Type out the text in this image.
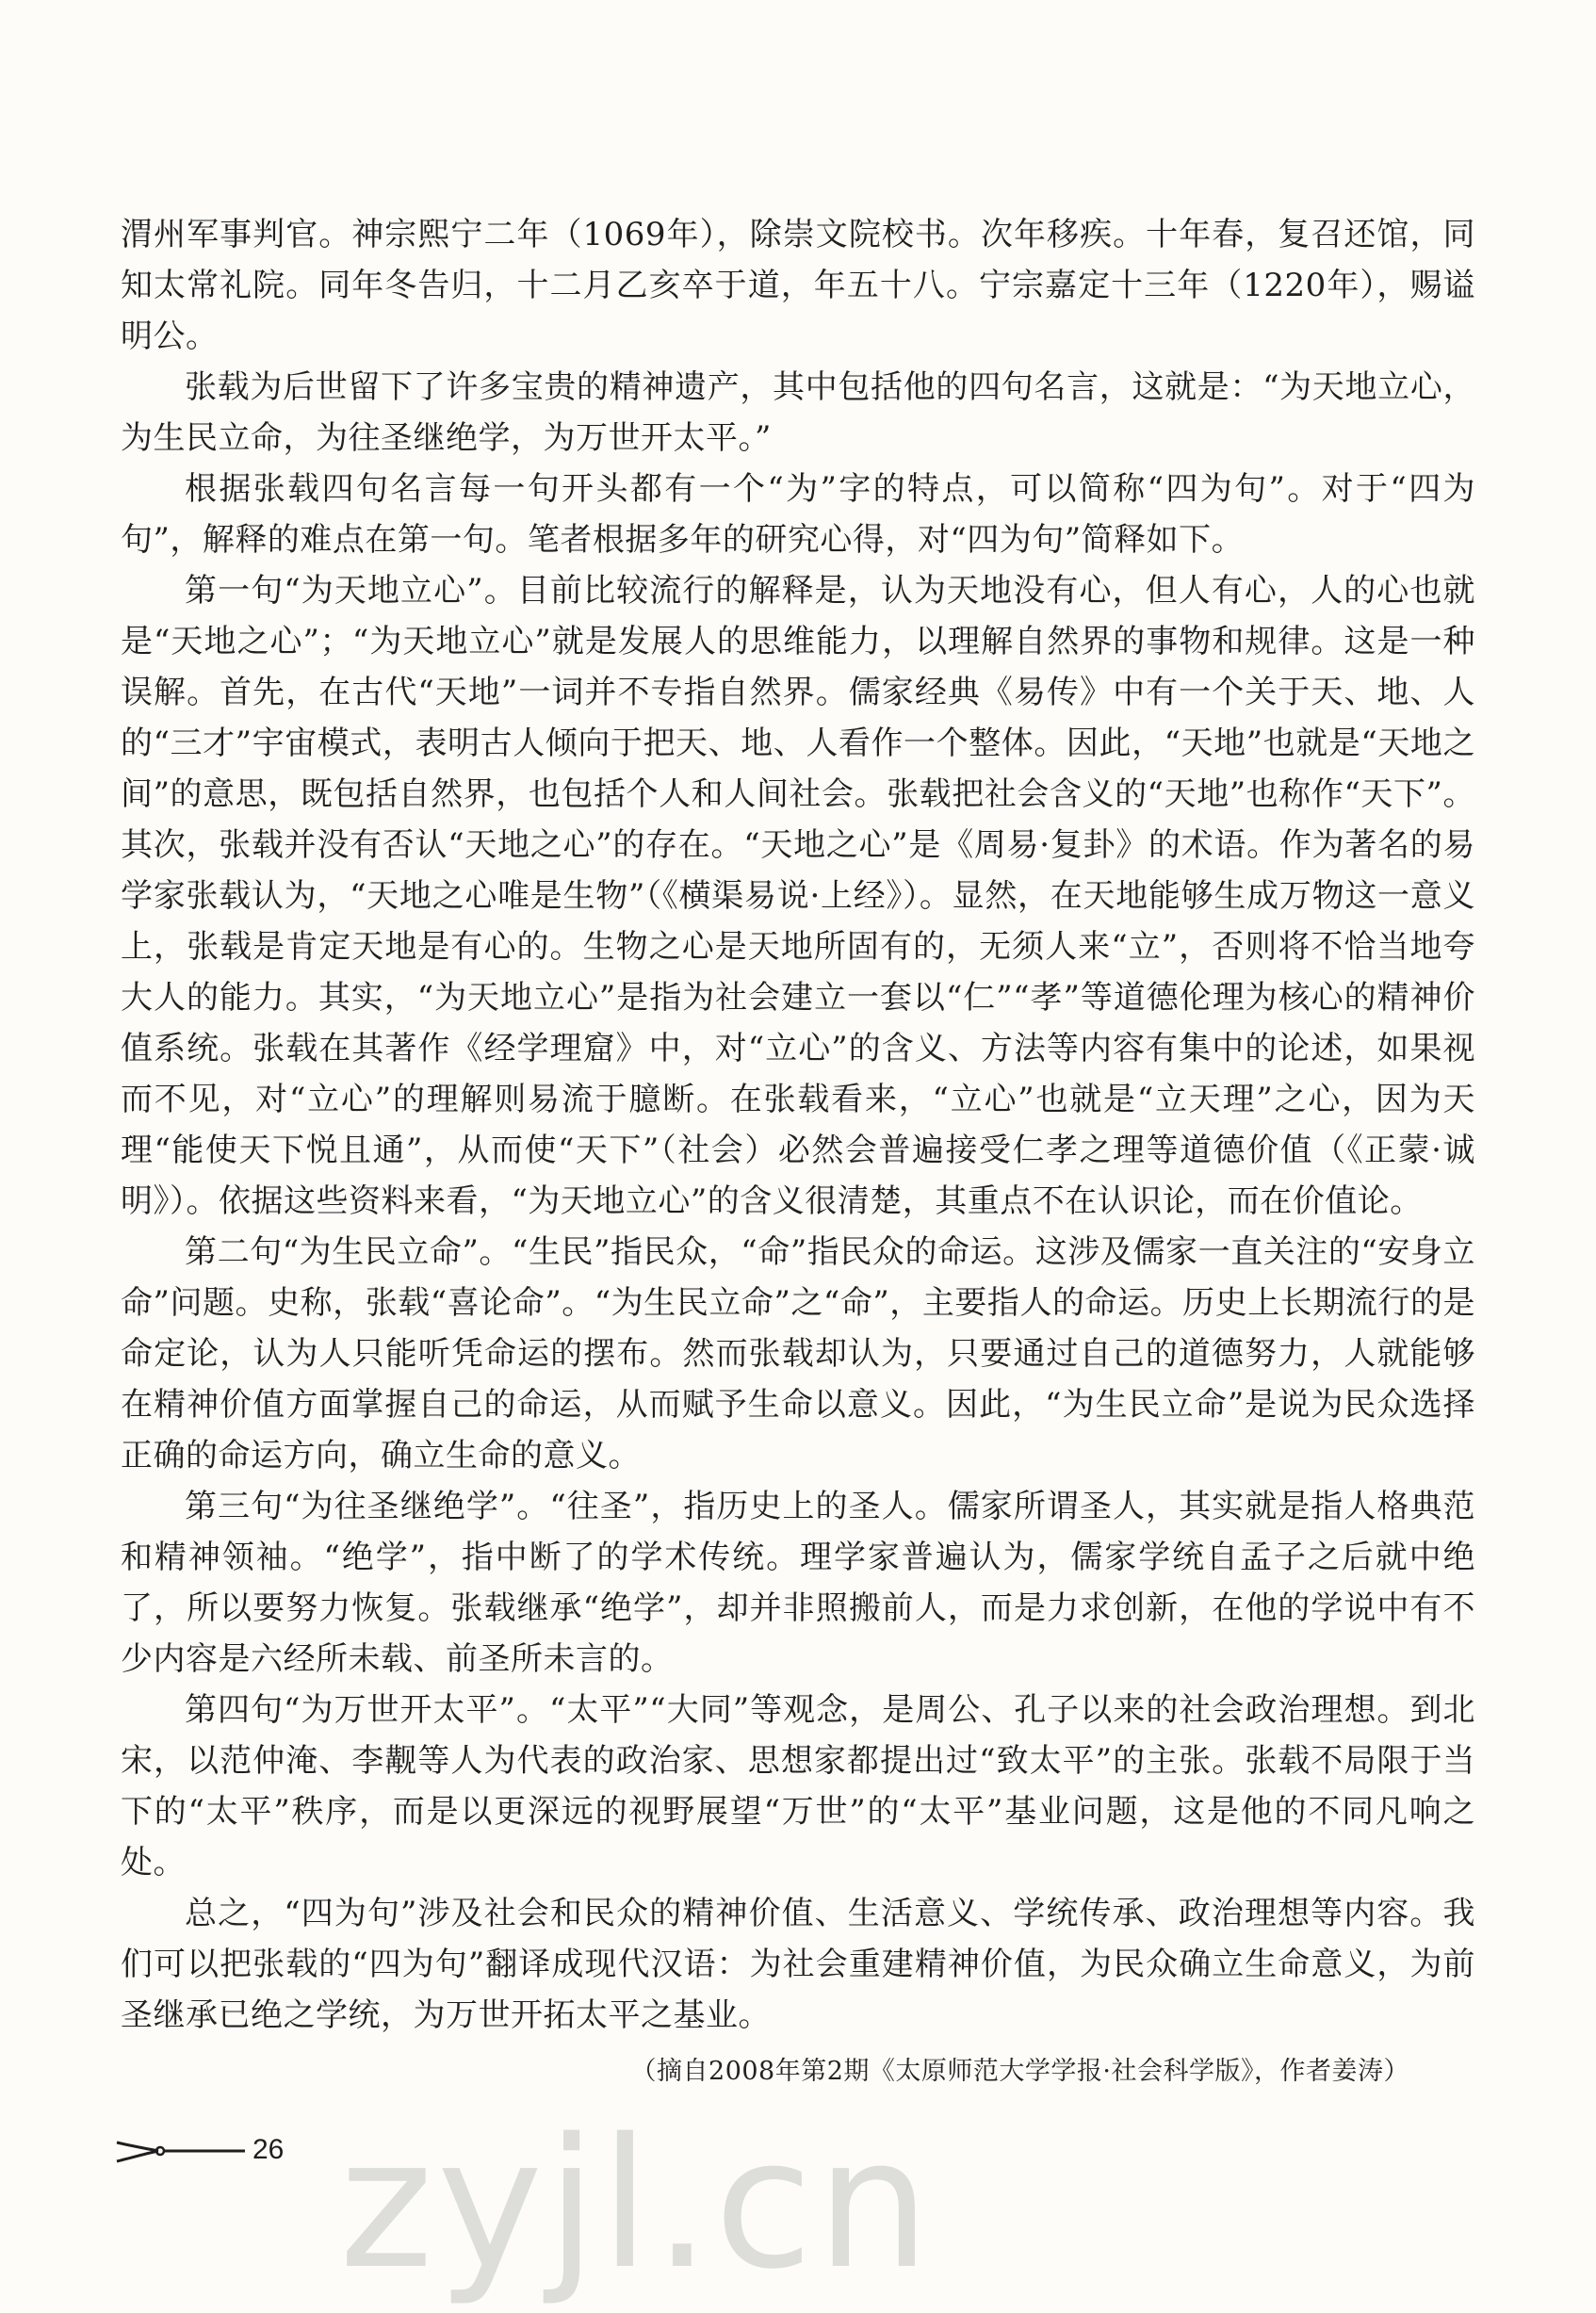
渭州军事判官。神宗熙宁二年（1069年），除崇文院校书。次年移疾。十年春，复召还馆，同知太常礼院。同年冬告归，十二月乙亥卒于道，年五十八。宁宗嘉定十三年（1220年），赐谥明公。

张载为后世留下了许多宝贵的精神遗产，其中包括他的四句名言，这就是：“为天地立心，为生民立命，为往圣继绝学，为万世开太平。”

根据张载四句名言每一句开头都有一个“为”字的特点，可以简称“四为句”。对于“四为句”，解释的难点在第一句。笔者根据多年的研究心得，对“四为句”简释如下。

第一句“为天地立心”。目前比较流行的解释是，认为天地没有心，但人有心，人的心也就是“天地之心”；“为天地立心”就是发展人的思维能力，以理解自然界的事物和规律。这是一种误解。首先，在古代“天地”一词并不专指自然界。儒家经典《易传》中有一个关于天、地、人的“三才”宇宙模式，表明古人倾向于把天、地、人看作一个整体。因此，“天地”也就是“天地之间”的意思，既包括自然界，也包括个人和人间社会。张载把社会含义的“天地”也称作“天下”。其次，张载并没有否认“天地之心”的存在。“天地之心”是《周易·复卦》的术语。作为著名的易学家张载认为，“天地之心唯是生物”（《横渠易说·上经》）。显然，在天地能够生成万物这一意义上，张载是肯定天地是有心的。生物之心是天地所固有的，无须人来“立”，否则将不恰当地夸大人的能力。其实，“为天地立心”是指为社会建立一套以“仁”“孝”等道德伦理为核心的精神价值系统。张载在其著作《经学理窟》中，对“立心”的含义、方法等内容有集中的论述，如果视而不见，对“立心”的理解则易流于臆断。在张载看来，“立心”也就是“立天理”之心，因为天理“能使天下悦且通”，从而使“天下”（社会）必然会普遍接受仁孝之理等道德价值（《正蒙·诚明》）。依据这些资料来看，“为天地立心”的含义很清楚，其重点不在认识论，而在价值论。

第二句“为生民立命”。“生民”指民众，“命”指民众的命运。这涉及儒家一直关注的“安身立命”问题。史称，张载“喜论命”。“为生民立命”之“命”，主要指人的命运。历史上长期流行的是命定论，认为人只能听凭命运的摆布。然而张载却认为，只要通过自己的道德努力，人就能够在精神价值方面掌握自己的命运，从而赋予生命以意义。因此，“为生民立命”是说为民众选择正确的命运方向，确立生命的意义。

第三句“为往圣继绝学”。“往圣”，指历史上的圣人。儒家所谓圣人，其实就是指人格典范和精神领袖。“绝学”，指中断了的学术传统。理学家普遍认为，儒家学统自孟子之后就中绝了，所以要努力恢复。张载继承“绝学”，却并非照搬前人，而是力求创新，在他的学说中有不少内容是六经所未载、前圣所未言的。

第四句“为万世开太平”。“太平”“大同”等观念，是周公、孔子以来的社会政治理想。到北宋，以范仲淹、李觏等人为代表的政治家、思想家都提出过“致太平”的主张。张载不局限于当下的“太平”秩序，而是以更深远的视野展望“万世”的“太平”基业问题，这是他的不同凡响之处。

总之，“四为句”涉及社会和民众的精神价值、生活意义、学统传承、政治理想等内容。我们可以把张载的“四为句”翻译成现代汉语：为社会重建精神价值，为民众确立生命意义，为前圣继承已绝之学统，为万世开拓太平之基业。

（摘自2008年第2期《太原师范大学学报·社会科学版》，作者姜涛）
26 zyjl.cn
